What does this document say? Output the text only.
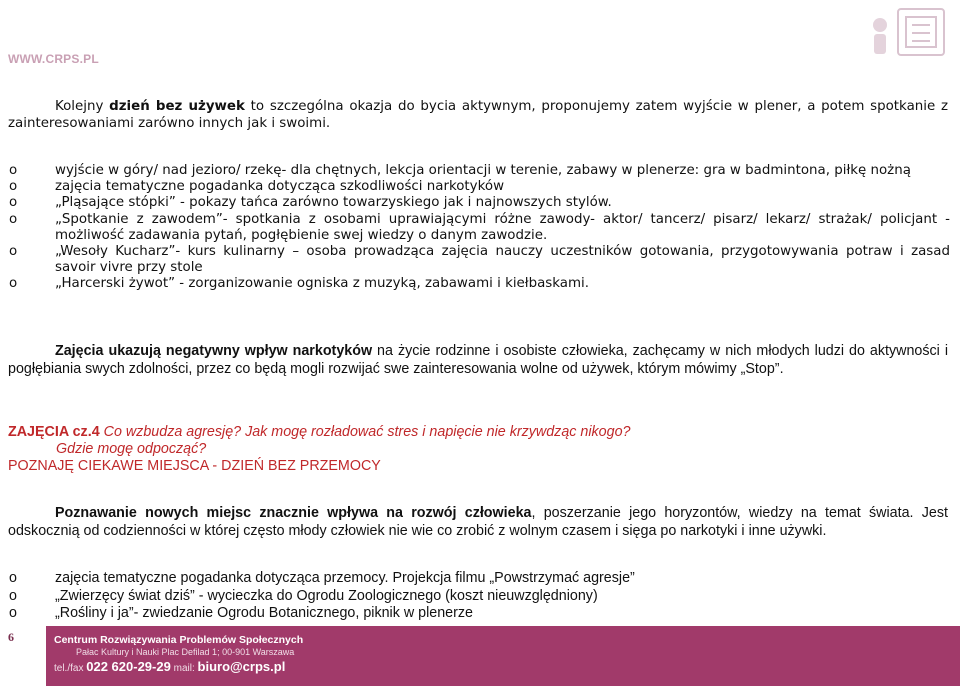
WWW.CRPS.PL
Kolejny dzień bez używek to szczególna okazja do bycia aktywnym, proponujemy zatem wyjście w plener, a potem spotkanie z zainteresowaniami zarówno innych jak i swoimi.
o	wyjście w góry/ nad jezioro/ rzekę- dla chętnych, lekcja orientacji w terenie, zabawy w plenerze: gra w badmintona, piłkę nożną
o	zajęcia tematyczne pogadanka dotycząca szkodliwości narkotyków
o	„Pląsające stópki” - pokazy tańca zarówno towarzyskiego jak i najnowszych stylów.
o	„Spotkanie z zawodem”- spotkania z osobami uprawiającymi różne zawody- aktor/ tancerz/ pisarz/ lekarz/ strażak/ policjant - możliwość zadawania pytań, pogłębienie swej wiedzy o danym zawodzie.
o	„Wesoły Kucharz”- kurs kulinarny – osoba prowadząca zajęcia nauczy uczestników gotowania, przygotowywania potraw i zasad savoir vivre przy stole
o	„Harcerski żywot” - zorganizowanie ogniska z muzyką, zabawami i kiełbaskami.
Zajęcia ukazują negatywny wpływ narkotyków na życie rodzinne i osobiste człowieka, zachęcamy w nich młodych ludzi do aktywności i pogłębiania swych zdolności, przez co będą mogli rozwijać swe zainteresowania wolne od używek, którym mówimy „Stop”.
ZAJĘCIA cz.4 Co wzbudza agresję? Jak mogę rozładować stres i napięcie nie krzywdząc nikogo?
Gdzie mogę odpocząć?
POZNAJĘ CIEKAWE MIEJSCA - DZIEŃ BEZ PRZEMOCY
Poznawanie nowych miejsc znacznie wpływa na rozwój człowieka, poszerzanie jego horyzontów, wiedzy na temat świata. Jest odskocznią od codzienności w której często młody człowiek nie wie co zrobić z wolnym czasem i sięga po narkotyki i inne używki.
o	zajęcia tematyczne pogadanka dotycząca przemocy. Projekcja filmu „Powstrzymać agresje”
o	„Zwierzęcy świat dziś” - wycieczka do Ogrodu Zoologicznego (koszt nieuwzględniony)
o	„Rośliny i ja”- zwiedzanie Ogrodu Botanicznego, piknik w plenerze
6	Centrum Rozwiązywania Problemów Społecznych
Pałac Kultury i Nauki Plac Defilad 1; 00-901 Warszawa
tel./fax 022 620-29-29 mail: biuro@crps.pl
